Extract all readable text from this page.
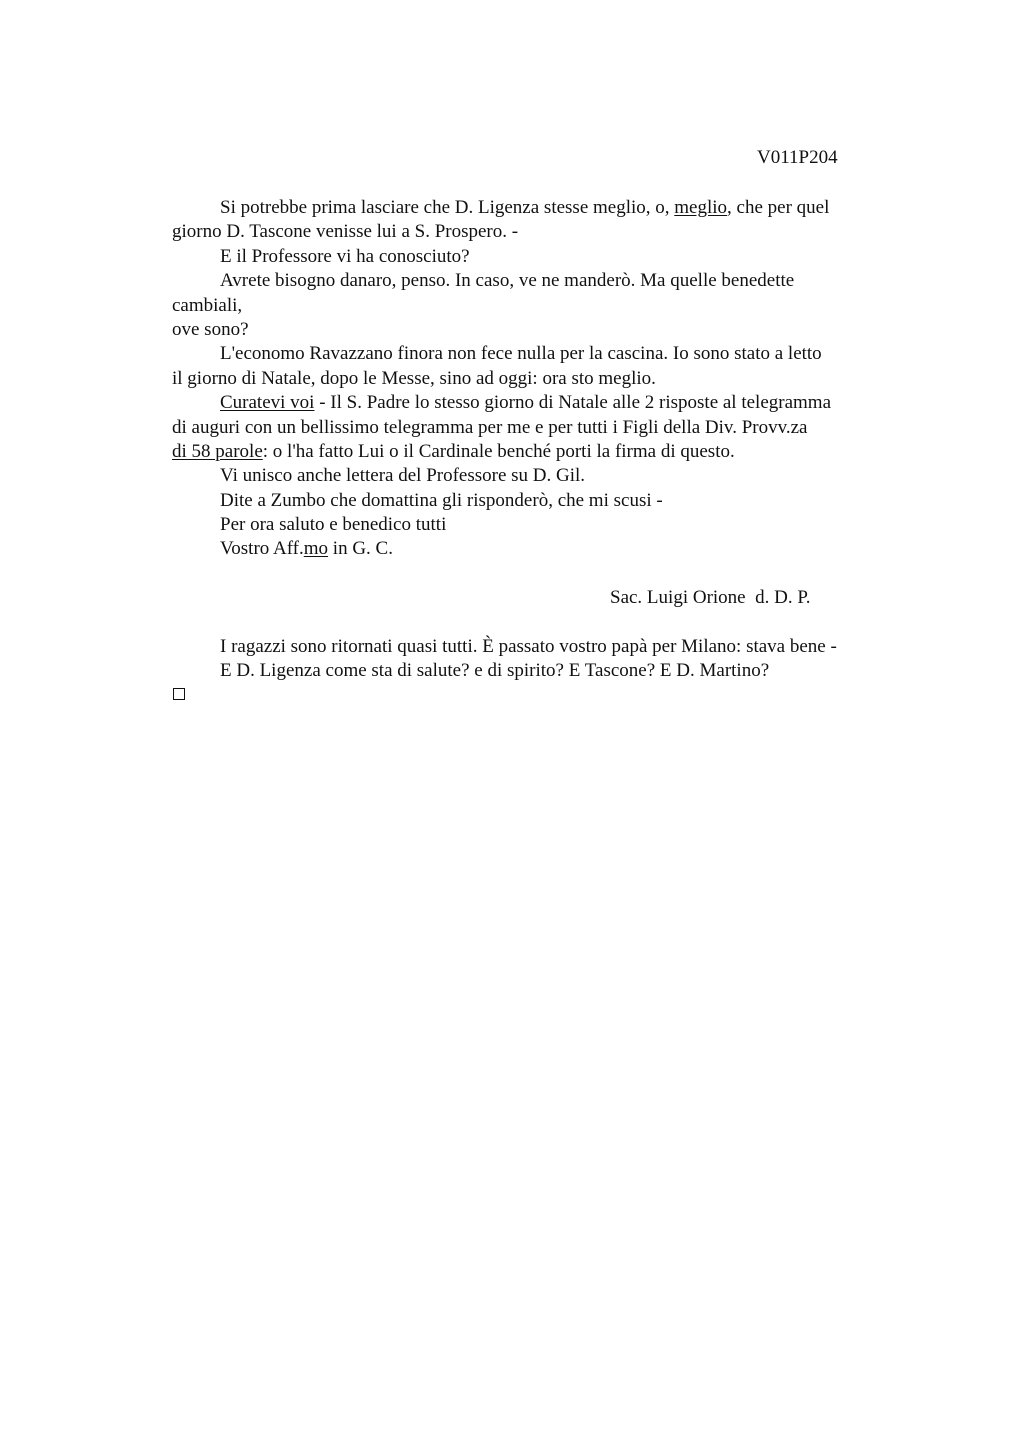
V011P204
Si potrebbe prima lasciare che D. Ligenza stesse meglio, o, meglio, che per quel
giorno D. Tascone venisse lui a S. Prospero. -
E il Professore vi ha conosciuto?
Avrete bisogno danaro, penso. In caso, ve ne manderò. Ma quelle benedette
cambiali,
ove sono?
L'economo Ravazzano finora non fece nulla per la cascina. Io sono stato a letto
il giorno di Natale, dopo le Messe, sino ad oggi: ora sto meglio.
Curatevi voi - Il S. Padre lo stesso giorno di Natale alle 2 risposte al telegramma
di auguri con un bellissimo telegramma per me e per tutti i Figli della Div. Provv.za
di 58 parole: o l'ha fatto Lui o il Cardinale benché porti la firma di questo.
Vi unisco anche lettera del Professore su D. Gil.
Dite a Zumbo che domattina gli risponderò, che mi scusi -
Per ora saluto e benedico tutti
Vostro Aff.mo in G. C.
Sac. Luigi Orione  d. D. P.
I ragazzi sono ritornati quasi tutti. È passato vostro papà per Milano: stava bene -
E D. Ligenza come sta di salute? e di spirito? E Tascone? E D. Martino?
